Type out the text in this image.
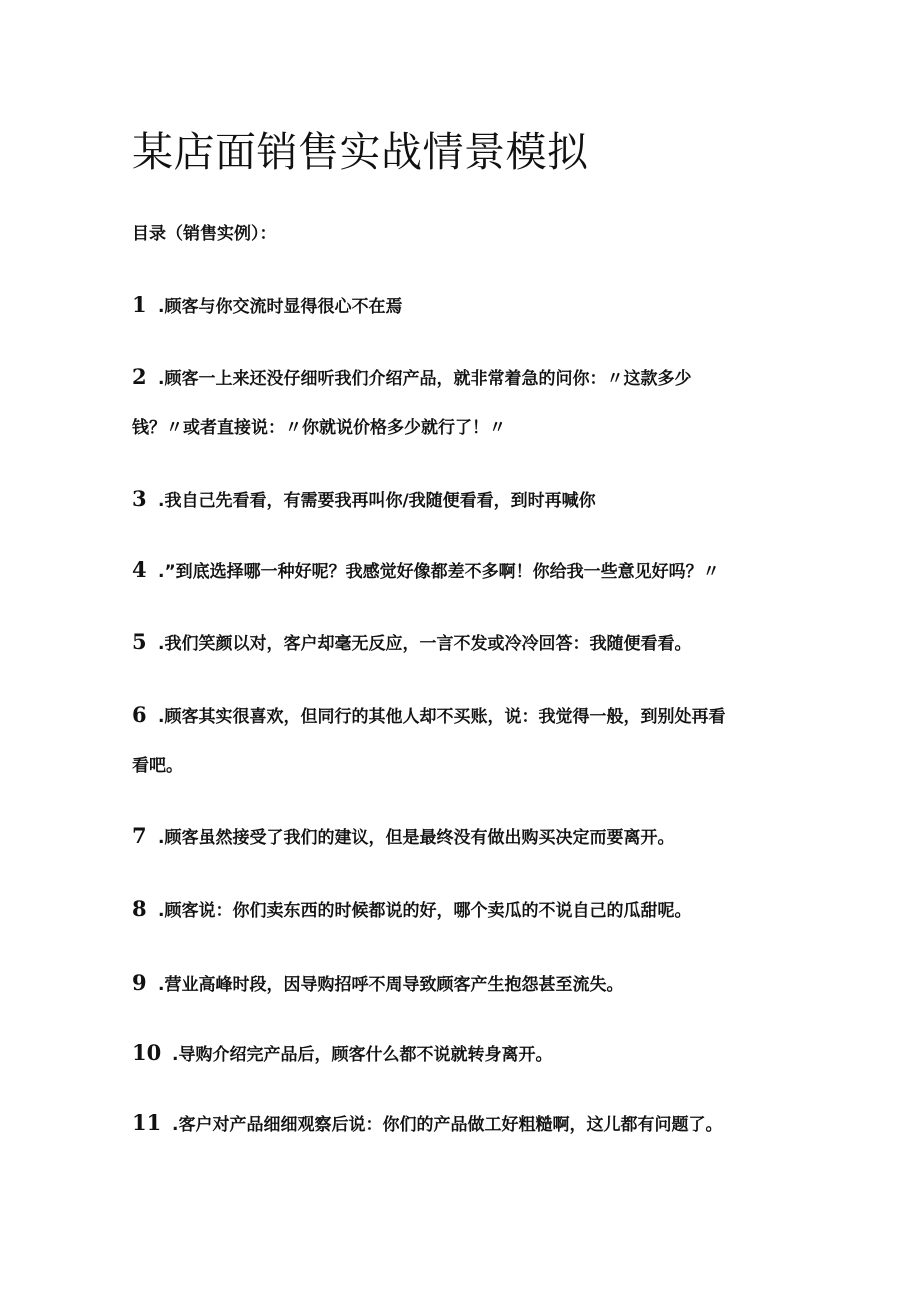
某店面销售实战情景模拟
目录（销售实例）：
1 .顾客与你交流时显得很心不在焉
2 .顾客一上来还没仔细听我们介绍产品，就非常着急的问你：〃这款多少
钱？〃或者直接说：〃你就说价格多少就行了！〃
3 .我自己先看看，有需要我再叫你/我随便看看，到时再喊你
4 .”到底选择哪一种好呢？我感觉好像都差不多啊！你给我一些意见好吗？〃
5 .我们笑颜以对，客户却毫无反应，一言不发或冷冷回答：我随便看看。
6 .顾客其实很喜欢，但同行的其他人却不买账，说：我觉得一般，到别处再看
看吧。
7 .顾客虽然接受了我们的建议，但是最终没有做出购买决定而要离开。
8 .顾客说：你们卖东西的时候都说的好，哪个卖瓜的不说自己的瓜甜呢。
9 .营业高峰时段，因导购招呼不周导致顾客产生抱怨甚至流失。
10 .导购介绍完产品后，顾客什么都不说就转身离开。
11 .客户对产品细细观察后说：你们的产品做工好粗糙啊，这儿都有问题了。
